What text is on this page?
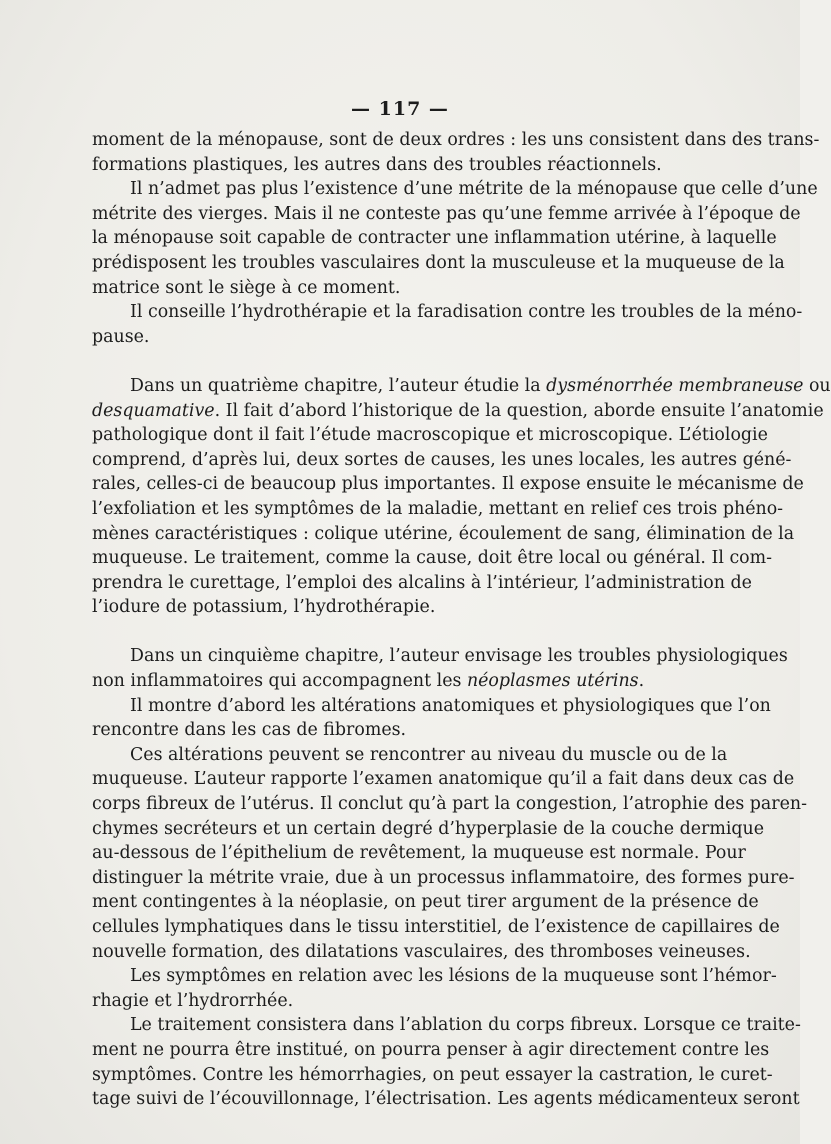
— 117 —
moment de la ménopause, sont de deux ordres : les uns consistent dans des trans-
formations plastiques, les autres dans des troubles réactionnels.
Il n’admet pas plus l’existence d’une métrite de la ménopause que celle d’une
métrite des vierges. Mais il ne conteste pas qu’une femme arrivée à l’époque de
la ménopause soit capable de contracter une inflammation utérine, à laquelle
prédisposent les troubles vasculaires dont la musculeuse et la muqueuse de la
matrice sont le siège à ce moment.
Il conseille l’hydrothérapie et la faradisation contre les troubles de la méno-
pause.
Dans un quatrième chapitre, l’auteur étudie la dysménorrhée membraneuse ou
desquamative. Il fait d’abord l’historique de la question, aborde ensuite l’anatomie
pathologique dont il fait l’étude macroscopique et microscopique. L’étiologie
comprend, d’après lui, deux sortes de causes, les unes locales, les autres géné-
rales, celles-ci de beaucoup plus importantes. Il expose ensuite le mécanisme de
l’exfoliation et les symptômes de la maladie, mettant en relief ces trois phéno-
mènes caractéristiques : colique utérine, écoulement de sang, élimination de la
muqueuse. Le traitement, comme la cause, doit être local ou général. Il com-
prendra le curettage, l’emploi des alcalins à l’intérieur, l’administration de
l’iodure de potassium, l’hydrothérapie.
Dans un cinquième chapitre, l’auteur envisage les troubles physiologiques
non inflammatoires qui accompagnent les néoplasmes utérins.
Il montre d’abord les altérations anatomiques et physiologiques que l’on
rencontre dans les cas de fibromes.
Ces altérations peuvent se rencontrer au niveau du muscle ou de la
muqueuse. L’auteur rapporte l’examen anatomique qu’il a fait dans deux cas de
corps fibreux de l’utérus. Il conclut qu’à part la congestion, l’atrophie des paren-
chymes secréteurs et un certain degré d’hyperplasie de la couche dermique
au-dessous de l’épithelium de revêtement, la muqueuse est normale. Pour
distinguer la métrite vraie, due à un processus inflammatoire, des formes pure-
ment contingentes à la néoplasie, on peut tirer argument de la présence de
cellules lymphatiques dans le tissu interstitiel, de l’existence de capillaires de
nouvelle formation, des dilatations vasculaires, des thromboses veineuses.
Les symptômes en relation avec les lésions de la muqueuse sont l’hémor-
rhagie et l’hydrorrhée.
Le traitement consistera dans l’ablation du corps fibreux. Lorsque ce traite-
ment ne pourra être institué, on pourra penser à agir directement contre les
symptômes. Contre les hémorrhagies, on peut essayer la castration, le curet-
tage suivi de l’écouvillonnage, l’électrisation. Les agents médicamenteux seront
